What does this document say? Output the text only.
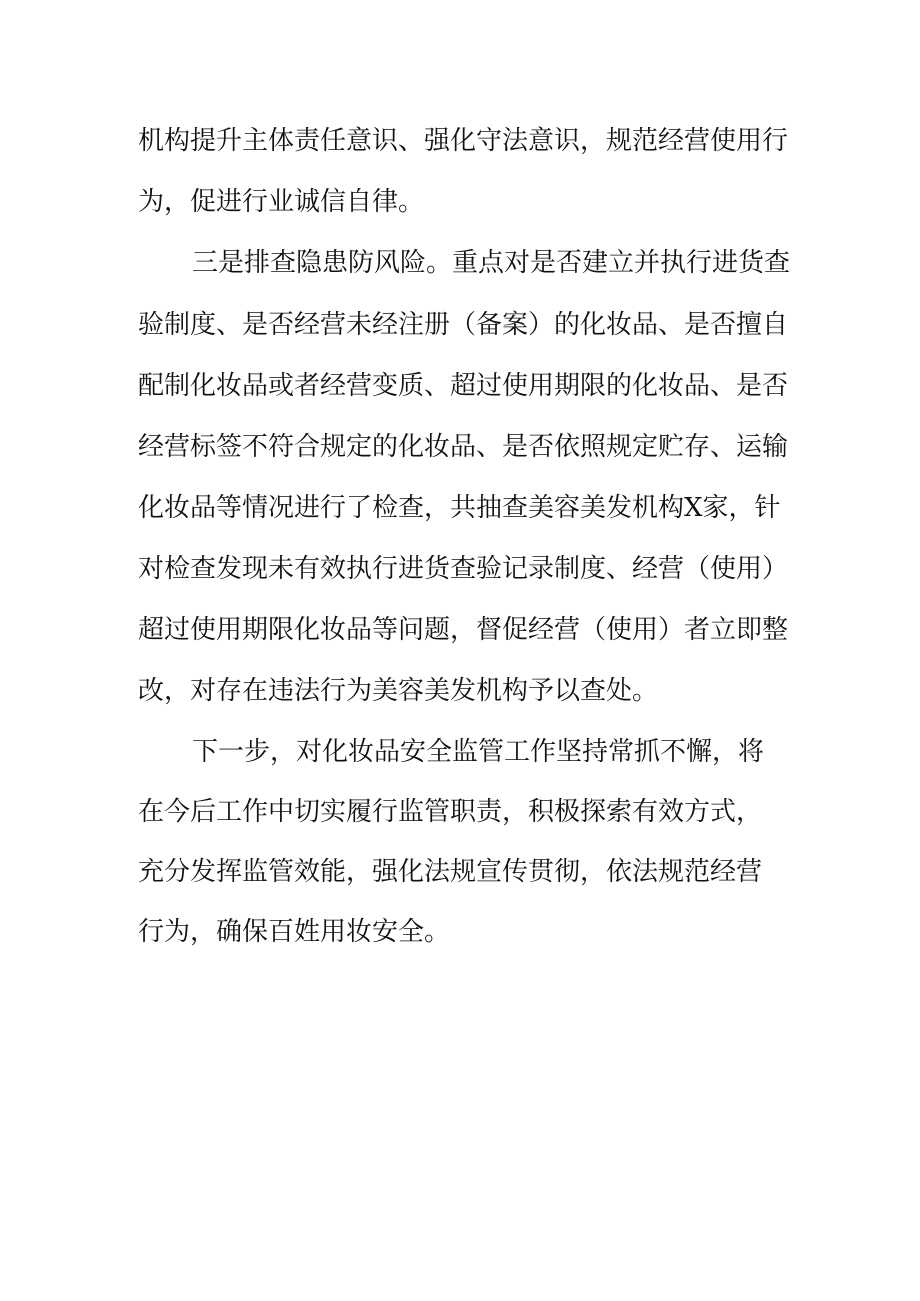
机构提升主体责任意识、强化守法意识，规范经营使用行

为，促进行业诚信自律。

三是排查隐患防风险。重点对是否建立并执行进货查

验制度、是否经营未经注册（备案）的化妆品、是否擅自

配制化妆品或者经营变质、超过使用期限的化妆品、是否

经营标签不符合规定的化妆品、是否依照规定贮存、运输

化妆品等情况进行了检查，共抽查美容美发机构X家，针

对检查发现未有效执行进货查验记录制度、经营（使用）

超过使用期限化妆品等问题，督促经营（使用）者立即整

改，对存在违法行为美容美发机构予以查处。

下一步，对化妆品安全监管工作坚持常抓不懈，将

在今后工作中切实履行监管职责，积极探索有效方式，

充分发挥监管效能，强化法规宣传贯彻，依法规范经营

行为，确保百姓用妆安全。
